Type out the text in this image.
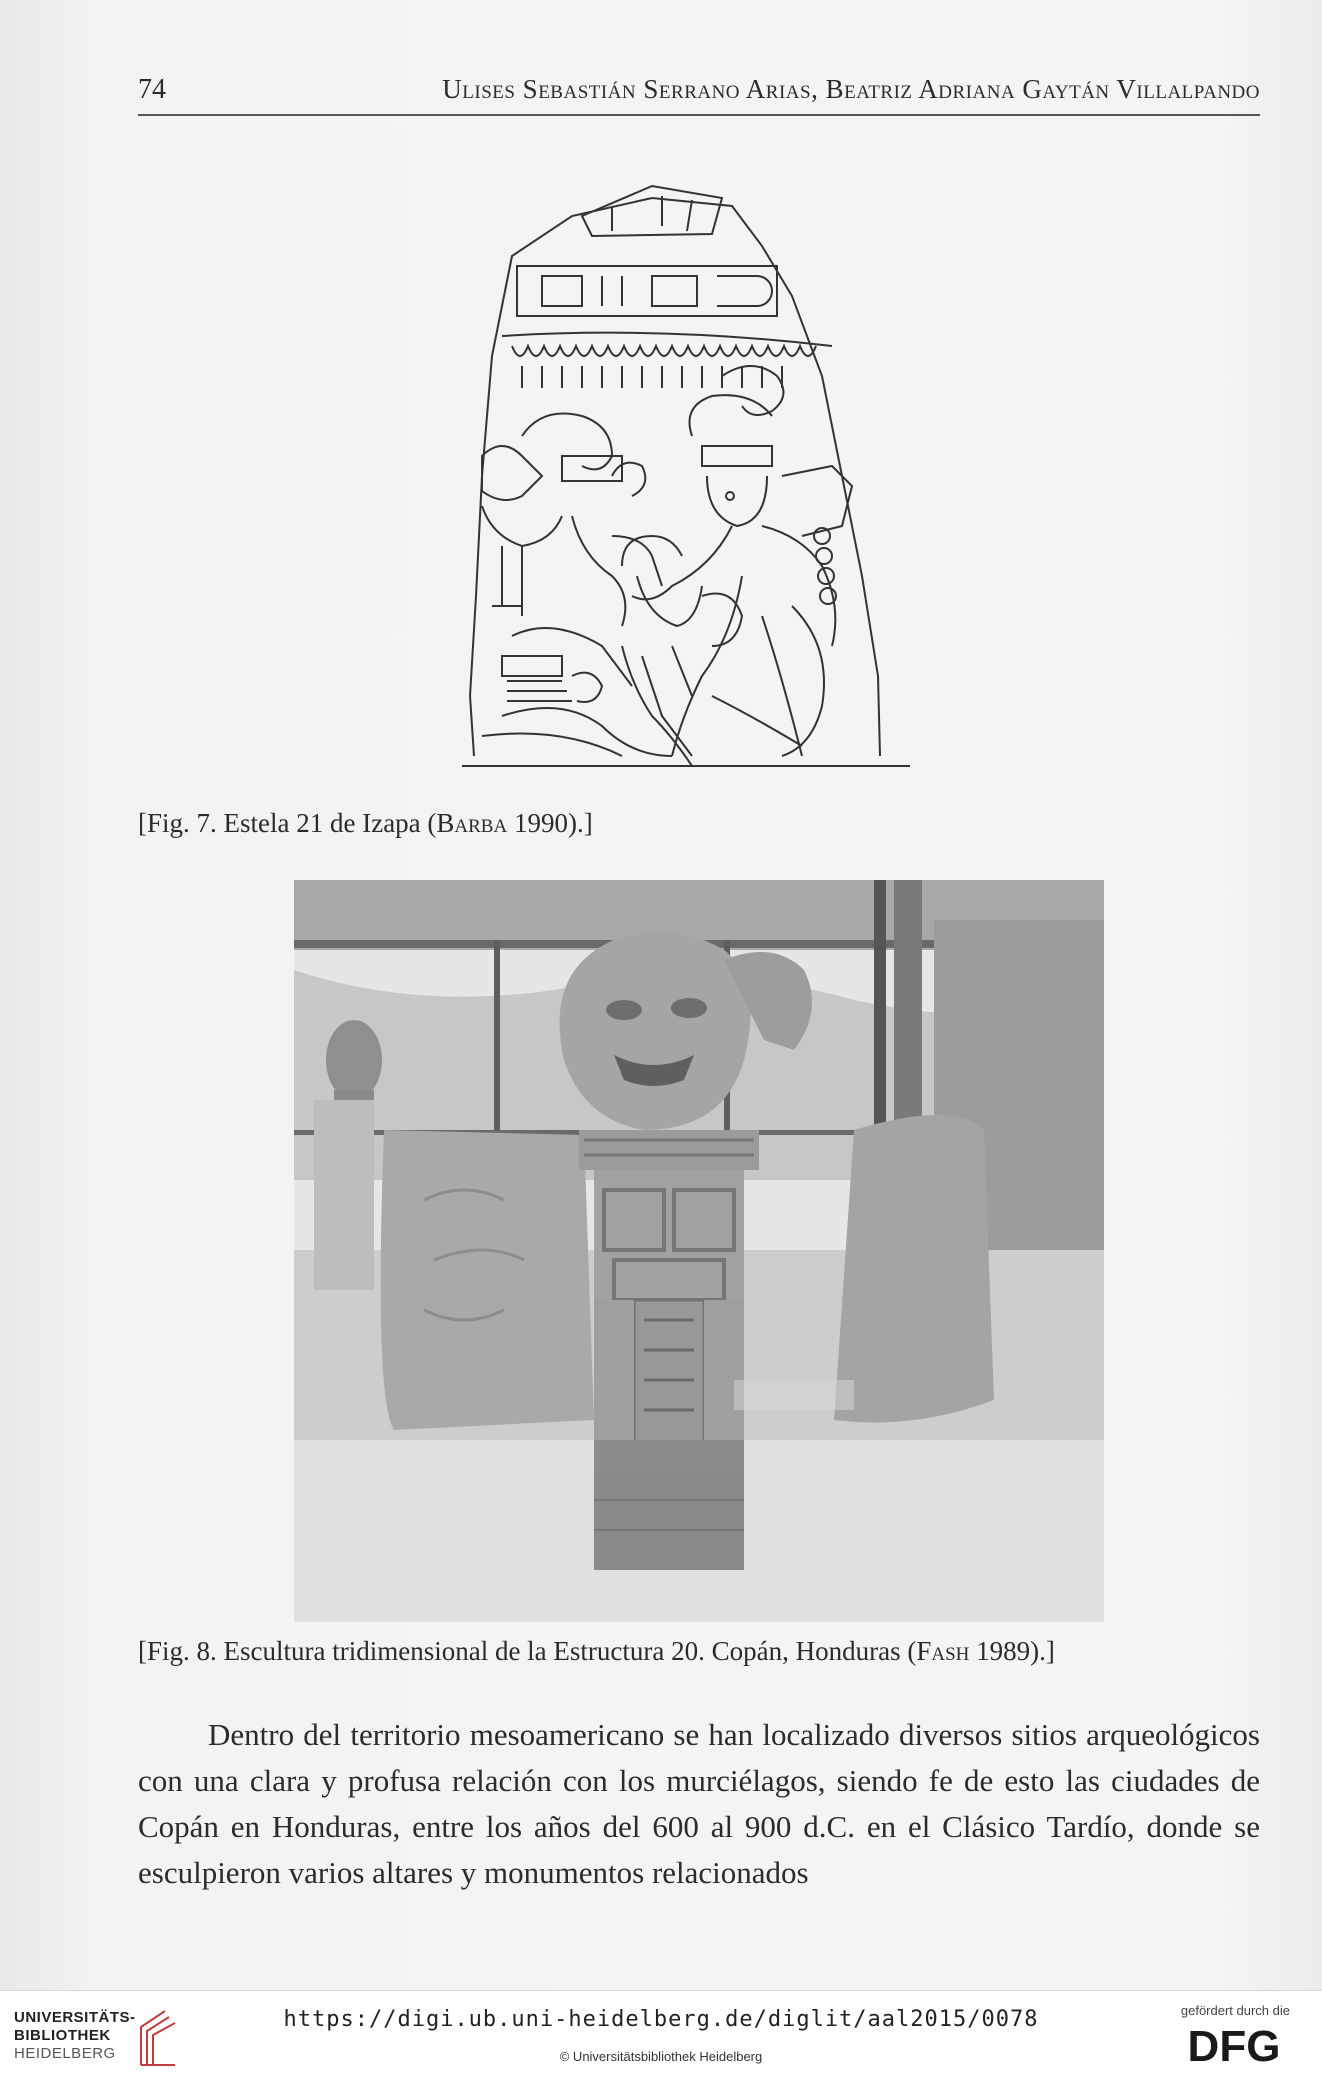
74	Ulises Sebastián Serrano Arias, Beatriz Adriana Gaytán Villalpando
[Fig. 7. Estela 21 de Izapa (Barba 1990).]
[Fig. 8. Escultura tridimensional de la Estructura 20. Copán, Honduras (Fash 1989).]

Dentro del territorio mesoamericano se han localizado diversos sitios arqueológicos con una clara y profusa relación con los murciélagos, siendo fe de esto las ciudades de Copán en Honduras, entre los años del 600 al 900 d.C. en el Clásico Tardío, donde se esculpieron varios altares y monumentos relacionados

UNIVERSITÄTS-
BIBLIOTHEK
HEIDELBERG
https://digi.ub.uni-heidelberg.de/diglit/aal2015/0078
© Universitätsbibliothek Heidelberg
gefördert durch die
DFG
